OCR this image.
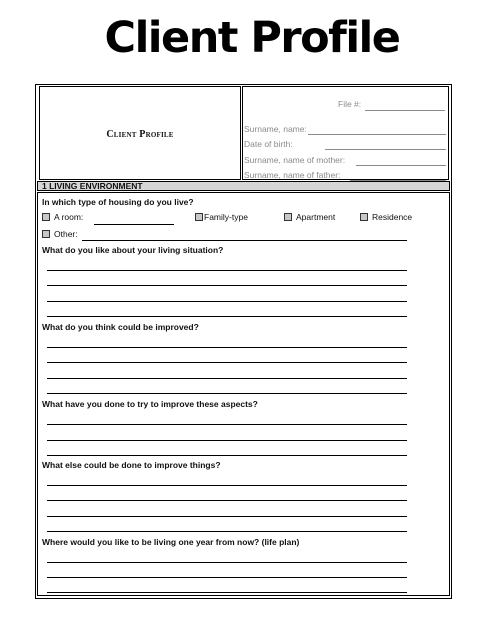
Client Profile
Client Profile
File #:
Surname, name:
Date of birth:
Surname, name of mother:
Surname, name of father:
1 LIVING ENVIRONMENT
In which type of housing do you live?
A room:	Family-type	Apartment	Residence
Other:
What do you like about your living situation?
What do you think could be improved?
What have you done to try to improve these aspects?
What else could be done to improve things?
Where would you like to be living one year from now? (life plan)
